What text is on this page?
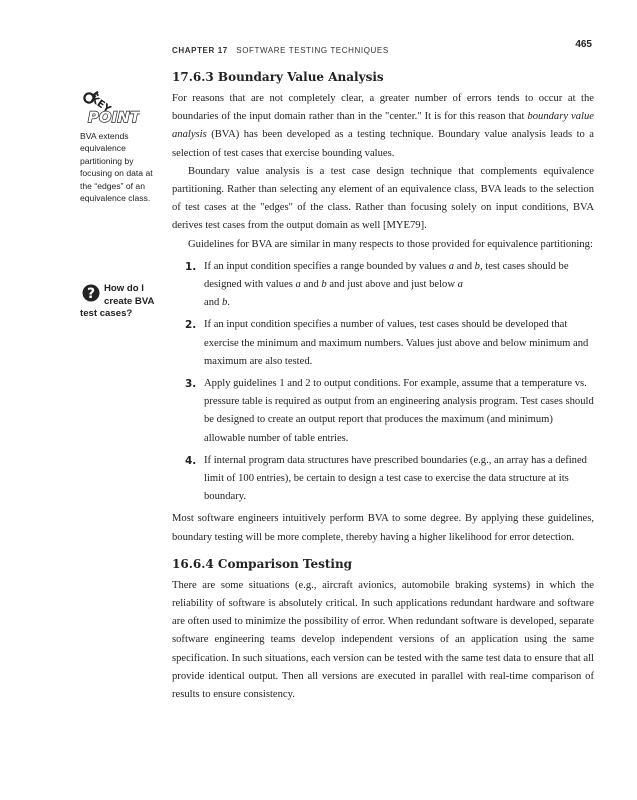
CHAPTER 17 SOFTWARE TESTING TECHNIQUES
465
KEY
POINT
BVA extends equivalence partitioning by focusing on data at the “edges” of an equivalence class.
? How do I
create BVA
test cases?
17.6.3 Boundary Value Analysis

For reasons that are not completely clear, a greater number of errors tends to occur at the boundaries of the input domain rather than in the "center." It is for this reason that boundary value analysis (BVA) has been developed as a testing technique. Boundary value analysis leads to a selection of test cases that exercise bounding values.

Boundary value analysis is a test case design technique that complements equivalence partitioning. Rather than selecting any element of an equivalence class, BVA leads to the selection of test cases at the "edges" of the class. Rather than focusing solely on input conditions, BVA derives test cases from the output domain as well [MYE79].

Guidelines for BVA are similar in many respects to those provided for equivalence partitioning:

1. If an input condition specifies a range bounded by values a and b, test cases should be designed with values a and b and just above and just below a
and b.
2. If an input condition specifies a number of values, test cases should be developed that exercise the minimum and maximum numbers. Values just above and below minimum and maximum are also tested.
3. Apply guidelines 1 and 2 to output conditions. For example, assume that a temperature vs. pressure table is required as output from an engineering analysis program. Test cases should be designed to create an output report that produces the maximum (and minimum) allowable number of table entries.
4. If internal program data structures have prescribed boundaries (e.g., an array has a defined limit of 100 entries), be certain to design a test case to exercise the data structure at its boundary.

Most software engineers intuitively perform BVA to some degree. By applying these guidelines, boundary testing will be more complete, thereby having a higher likelihood for error detection.

16.6.4 Comparison Testing

There are some situations (e.g., aircraft avionics, automobile braking systems) in which the reliability of software is absolutely critical. In such applications redundant hardware and software are often used to minimize the possibility of error. When redundant software is developed, separate software engineering teams develop independent versions of an application using the same specification. In such situations, each version can be tested with the same test data to ensure that all provide identical output. Then all versions are executed in parallel with real-time comparison of results to ensure consistency.
